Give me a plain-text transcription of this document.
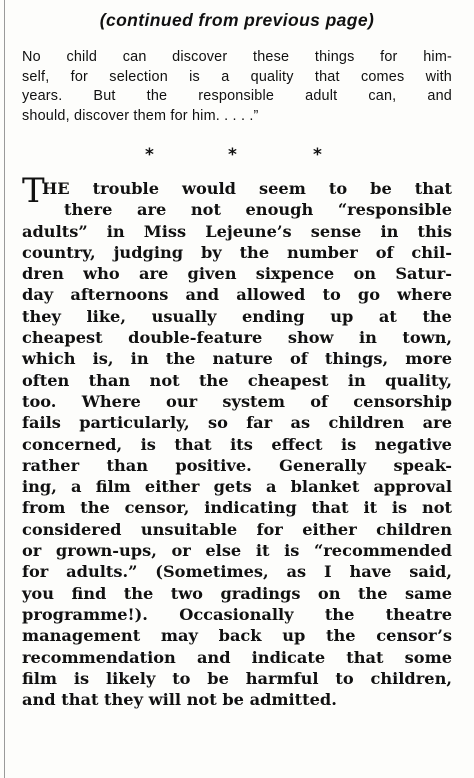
(continued from previous page)
No child can discover these things for him-
self, for selection is a quality that comes with
years. But the responsible adult can, and
should, discover them for him. . . . .”
*	*	*
T
HE trouble would seem to be that
there are not enough “responsible
adults” in Miss Lejeune’s sense in this
country, judging by the number of chil-
dren who are given sixpence on Satur-
day afternoons and allowed to go where
they like, usually ending up at the
cheapest double-feature show in town,
which is, in the nature of things, more
often than not the cheapest in quality,
too. Where our system of censorship
fails particularly, so far as children are
concerned, is that its effect is negative
rather than positive. Generally speak-
ing, a film either gets a blanket approval
from the censor, indicating that it is not
considered unsuitable for either children
or grown-ups, or else it is “recommended
for adults.” (Sometimes, as I have said,
you find the two gradings on the same
programme!). Occasionally the theatre
management may back up the censor’s
recommendation and indicate that some
film is likely to be harmful to children,
and that they will not be admitted.
